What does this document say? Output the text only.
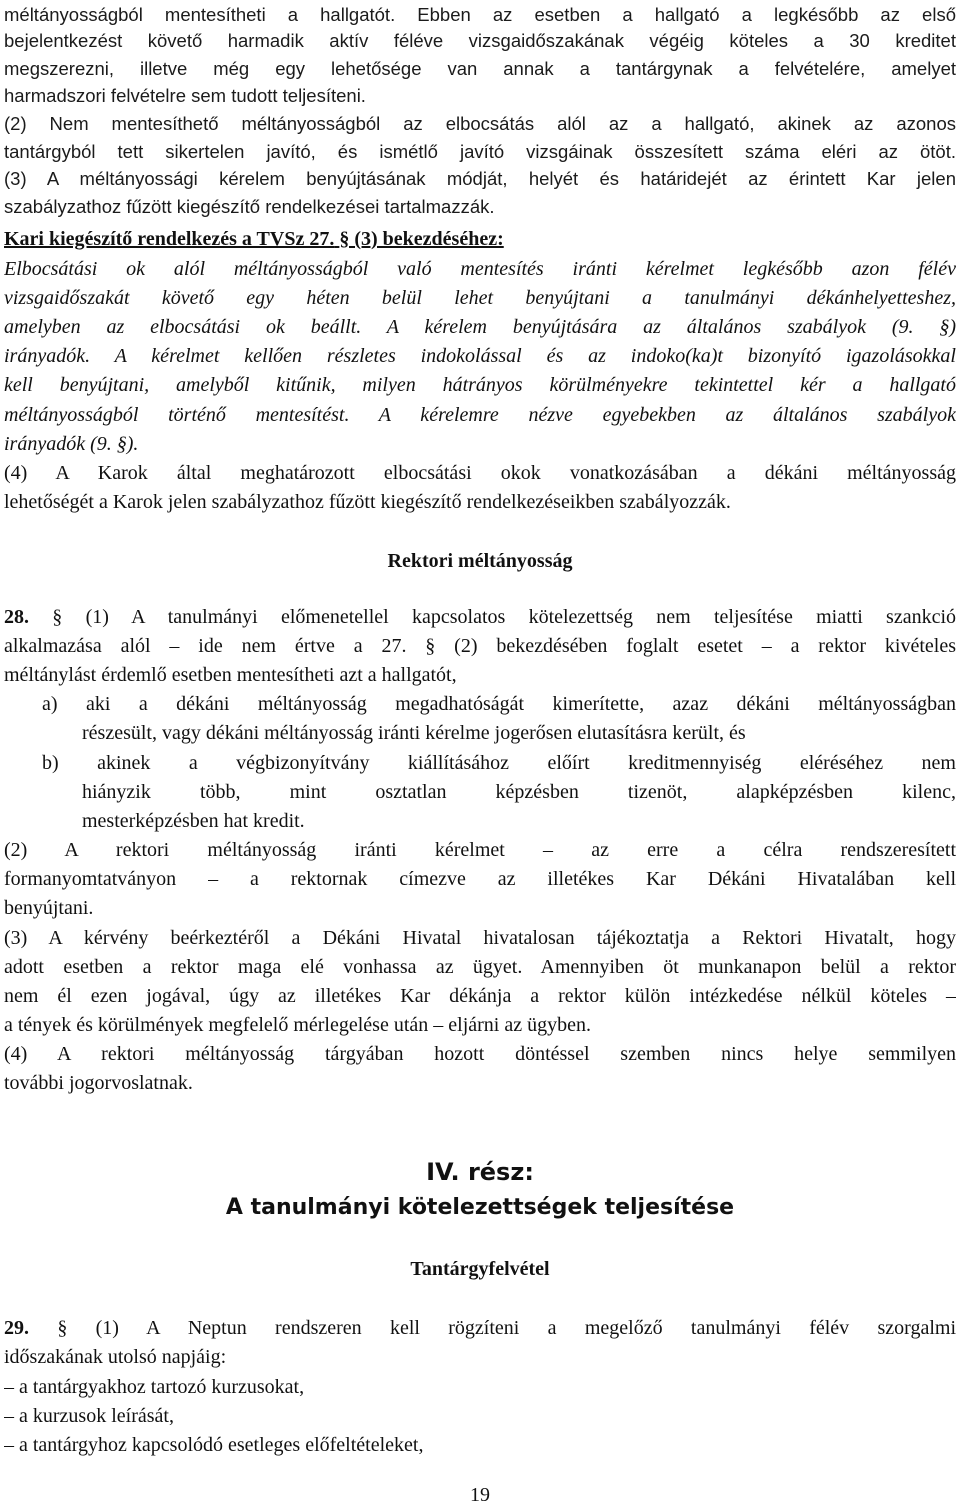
méltányosságból mentesítheti a hallgatót. Ebben az esetben a hallgató a legkésőbb az első
bejelentkezést követő harmadik aktív féléve vizsgaidőszakának végéig köteles a 30 kreditet
megszerezni, illetve még egy lehetősége van annak a tantárgynak a felvételére, amelyet
harmadszori felvételre sem tudott teljesíteni.
(2) Nem mentesíthető méltányosságból az elbocsátás alól az a hallgató, akinek az azonos
tantárgyból tett sikertelen javító, és ismétlő javító vizsgáinak összesített száma eléri az ötöt.
(3) A méltányossági kérelem benyújtásának módját, helyét és határidejét az érintett Kar jelen
szabályzathoz fűzött kiegészítő rendelkezései tartalmazzák.
Kari kiegészítő rendelkezés a TVSz 27. § (3) bekezdéséhez:
Elbocsátási ok alól méltányosságból való mentesítés iránti kérelmet legkésőbb azon félév
vizsgaidőszakát követő egy héten belül lehet benyújtani a tanulmányi dékánhelyetteshez,
amelyben az elbocsátási ok beállt. A kérelem benyújtására az általános szabályok (9. §)
irányadók. A kérelmet kellően részletes indokolással és az indoko(ka)t bizonyító igazolásokkal
kell benyújtani, amelyből kitűnik, milyen hátrányos körülményekre tekintettel kér a hallgató
méltányosságból történő mentesítést. A kérelemre nézve egyebekben az általános szabályok
irányadók (9. §).
(4) A Karok által meghatározott elbocsátási okok vonatkozásában a dékáni méltányosság
lehetőségét a Karok jelen szabályzathoz fűzött kiegészítő rendelkezéseikben szabályozzák.
Rektori méltányosság
28. § (1) A tanulmányi előmenetellel kapcsolatos kötelezettség nem teljesítése miatti szankció
alkalmazása alól – ide nem értve a 27. § (2) bekezdésében foglalt esetet – a rektor kivételes
méltánylást érdemlő esetben mentesítheti azt a hallgatót,
a) aki a dékáni méltányosság megadhatóságát kimerítette, azaz dékáni méltányosságban
részesült, vagy dékáni méltányosság iránti kérelme jogerősen elutasításra került, és
b) akinek a végbizonyítvány kiállításához előírt kreditmennyiség eléréséhez nem
hiányzik több, mint osztatlan képzésben tizenöt, alapképzésben kilenc,
mesterképzésben hat kredit.
(2) A rektori méltányosság iránti kérelmet – az erre a célra rendszeresített
formanyomtatványon – a rektornak címezve az illetékes Kar Dékáni Hivatalában kell
benyújtani.
(3) A kérvény beérkeztéről a Dékáni Hivatal hivatalosan tájékoztatja a Rektori Hivatalt, hogy
adott esetben a rektor maga elé vonhassa az ügyet. Amennyiben öt munkanapon belül a rektor
nem él ezen jogával, úgy az illetékes Kar dékánja a rektor külön intézkedése nélkül köteles –
a tények és körülmények megfelelő mérlegelése után – eljárni az ügyben.
(4) A rektori méltányosság tárgyában hozott döntéssel szemben nincs helye semmilyen
további jogorvoslatnak.
IV. rész:
A tanulmányi kötelezettségek teljesítése
Tantárgyfelvétel
29. § (1) A Neptun rendszeren kell rögzíteni a megelőző tanulmányi félév szorgalmi
időszakának utolsó napjáig:
– a tantárgyakhoz tartozó kurzusokat,
– a kurzusok leírását,
– a tantárgyhoz kapcsolódó esetleges előfeltételeket,
19
